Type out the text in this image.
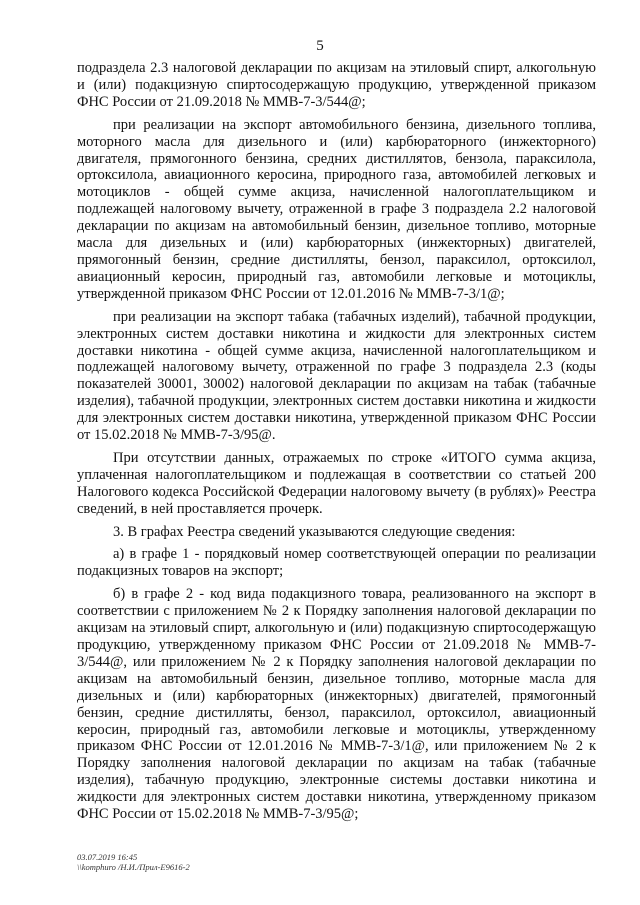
5

подраздела 2.3 налоговой декларации по акцизам на этиловый спирт, алкогольную и (или) подакцизную спиртосодержащую продукцию, утвержденной приказом ФНС России от 21.09.2018 № ММВ-7-3/544@;

при реализации на экспорт автомобильного бензина, дизельного топлива, моторного масла для дизельного и (или) карбюраторного (инжекторного) двигателя, прямогонного бензина, средних дистиллятов, бензола, параксилола, ортоксилола, авиационного керосина, природного газа, автомобилей легковых и мотоциклов - общей сумме акциза, начисленной налогоплательщиком и подлежащей налоговому вычету, отраженной в графе 3 подраздела 2.2 налоговой декларации по акцизам на автомобильный бензин, дизельное топливо, моторные масла для дизельных и (или) карбюраторных (инжекторных) двигателей, прямогонный бензин, средние дистилляты, бензол, параксилол, ортоксилол, авиационный керосин, природный газ, автомобили легковые и мотоциклы, утвержденной приказом ФНС России от 12.01.2016 № ММВ-7-3/1@;

при реализации на экспорт табака (табачных изделий), табачной продукции, электронных систем доставки никотина и жидкости для электронных систем доставки никотина - общей сумме акциза, начисленной налогоплательщиком и подлежащей налоговому вычету, отраженной по графе 3 подраздела 2.3 (коды показателей 30001, 30002) налоговой декларации по акцизам на табак (табачные изделия), табачной продукции, электронных систем доставки никотина и жидкости для электронных систем доставки никотина, утвержденной приказом ФНС России от 15.02.2018 № ММВ-7-3/95@.

При отсутствии данных, отражаемых по строке «ИТОГО сумма акциза, уплаченная налогоплательщиком и подлежащая в соответствии со статьей 200 Налогового кодекса Российской Федерации налоговому вычету (в рублях)» Реестра сведений, в ней проставляется прочерк.

3. В графах Реестра сведений указываются следующие сведения:

а) в графе 1 - порядковый номер соответствующей операции по реализации подакцизных товаров на экспорт;

б) в графе 2 - код вида подакцизного товара, реализованного на экспорт в соответствии с приложением № 2 к Порядку заполнения налоговой декларации по акцизам на этиловый спирт, алкогольную и (или) подакцизную спиртосодержащую продукцию, утвержденному приказом ФНС России от 21.09.2018 № ММВ-7-3/544@, или приложением № 2 к Порядку заполнения налоговой декларации по акцизам на автомобильный бензин, дизельное топливо, моторные масла для дизельных и (или) карбюраторных (инжекторных) двигателей, прямогонный бензин, средние дистилляты, бензол, параксилол, ортоксилол, авиационный керосин, природный газ, автомобили легковые и мотоциклы, утвержденному приказом ФНС России от 12.01.2016 № ММВ-7-3/1@, или приложением № 2 к Порядку заполнения налоговой декларации по акцизам на табак (табачные изделия), табачную продукцию, электронные системы доставки никотина и жидкости для электронных систем доставки никотина, утвержденному приказом ФНС России от 15.02.2018 № ММВ-7-3/95@;

03.07.2019 16:45
\\komphuro /Н.И./Прил-E9616-2
